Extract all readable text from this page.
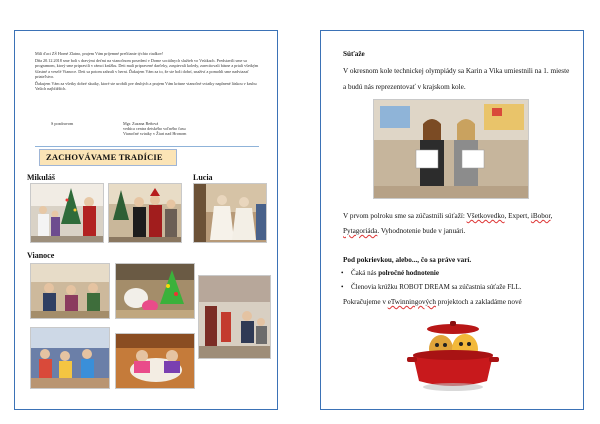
Milí ďaci ZŠ Horné Zlatno, prajem Vám príjemné prečítanie týchto riadkov!

Dňa 20.12.2018 sme boli s dravými deťmi na vianočnom posedení v Dome sociálnych služieb vo Vrútkach. Predstavili sme sa programom, ktorý sme pripravili v rámci krúžku. Deti mali pripravené darčeky, zaspievali koledy, zarecitovali básne a priali všetkým šťastné a veselé Vianoce. Deti sa potom zahrali v herni. Ďakujem Vám za to, že ste boli dobrí, snaživí a pomohli sme nadviazať priateľstvo.

Ďakujem Vám za všetky dobré skutky, ktoré ste urobili pre druhých a prajem Vám krásne vianočné sviatky naplnené láskou v kruhu Vašich najbližších.

S pozdravom	Mgr. Zuzana Beňová
vedúca centra detského voľného času
Vianočné sviatky v Žiari nad Hronom
ZACHOVÁVAME TRADÍCIE
Mikuláš	Lucia
Vianoce
Súťaže
V okresnom kole technickej olympiády sa Karin a Vika umiestnili na 1. mieste a budú nás reprezentovať v krajskom kole.
V prvom polroku sme sa zúčastnili súťaží: Všetkovedko, Expert, iBobor, Pytagoriáda. Vyhodnotenie bude v januári.
Pod pokrievkou, alebo..., čo sa práve varí.
• Čaká nás polročné hodnotenie
• Členovia krúžku ROBOT DREAM sa zúčastnia súťaže FLL.
Pokračujeme v eTwinningových projektoch a zakladáme nové
